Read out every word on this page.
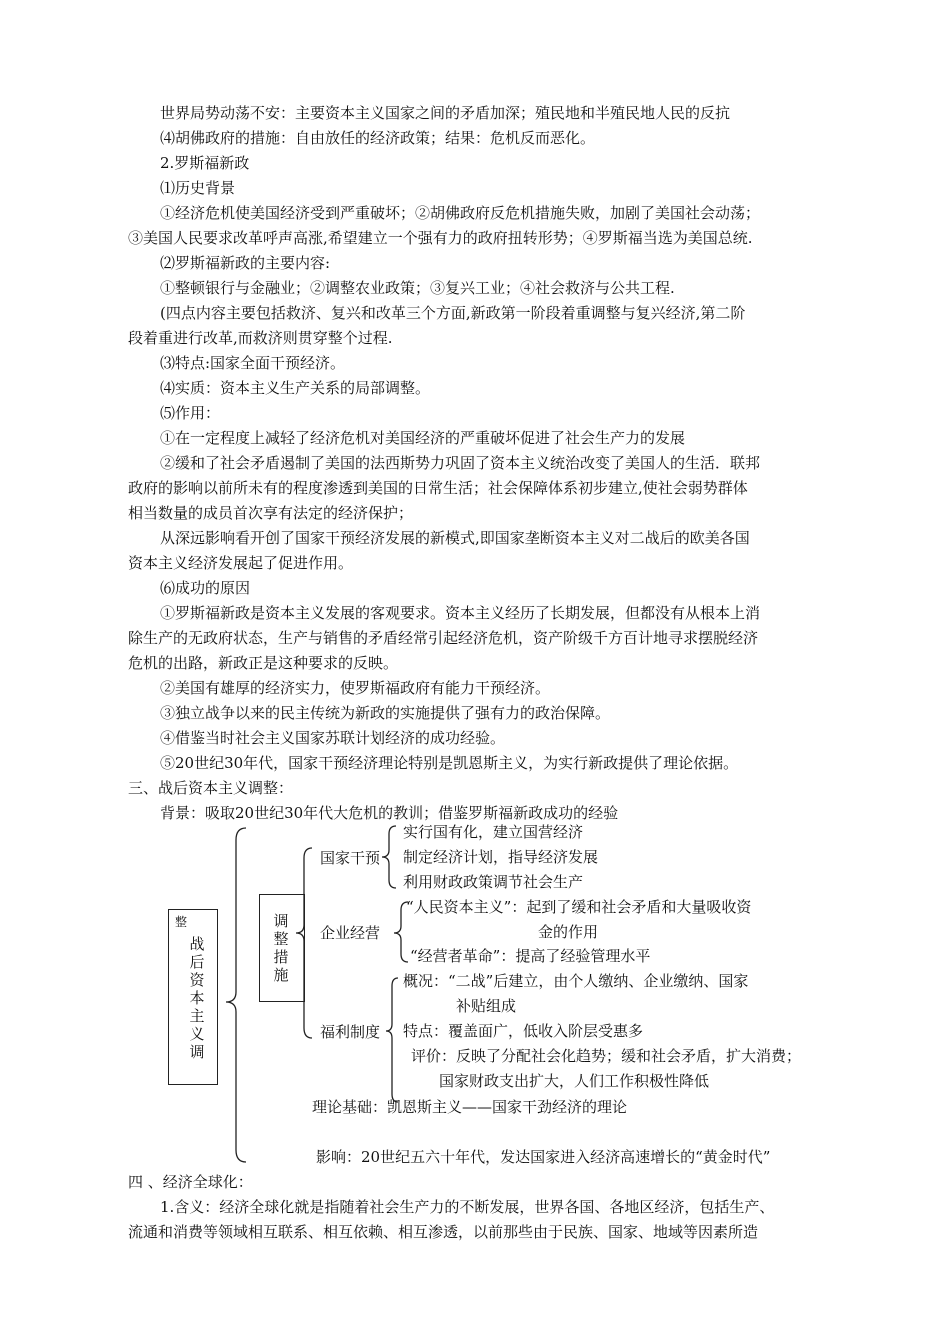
世界局势动荡不安：主要资本主义国家之间的矛盾加深；殖民地和半殖民地人民的反抗
⑷胡佛政府的措施：自由放任的经济政策；结果：危机反而恶化。
2.罗斯福新政
⑴历史背景
①经济危机使美国经济受到严重破坏；②胡佛政府反危机措施失败，加剧了美国社会动荡；
③美国人民要求改革呼声高涨,希望建立一个强有力的政府扭转形势；④罗斯福当选为美国总统.
⑵罗斯福新政的主要内容:
①整顿银行与金融业；②调整农业政策；③复兴工业；④社会救济与公共工程.
(四点内容主要包括救济、复兴和改革三个方面,新政第一阶段着重调整与复兴经济,第二阶
段着重进行改革,而救济则贯穿整个过程.
⑶特点:国家全面干预经济。
⑷实质：资本主义生产关系的局部调整。
⑸作用：
①在一定程度上减轻了经济危机对美国经济的严重破坏促进了社会生产力的发展
②缓和了社会矛盾遏制了美国的法西斯势力巩固了资本主义统治改变了美国人的生活．联邦
政府的影响以前所未有的程度渗透到美国的日常生活；社会保障体系初步建立,使社会弱势群体
相当数量的成员首次享有法定的经济保护；
从深远影响看开创了国家干预经济发展的新模式,即国家垄断资本主义对二战后的欧美各国
资本主义经济发展起了促进作用。
⑹成功的原因
①罗斯福新政是资本主义发展的客观要求。资本主义经历了长期发展，但都没有从根本上消
除生产的无政府状态，生产与销售的矛盾经常引起经济危机，资产阶级千方百计地寻求摆脱经济
危机的出路，新政正是这种要求的反映。
②美国有雄厚的经济实力，使罗斯福政府有能力干预经济。
③独立战争以来的民主传统为新政的实施提供了强有力的政治保障。
④借鉴当时社会主义国家苏联计划经济的成功经验。
⑤20世纪30年代，国家干预经济理论特别是凯恩斯主义，为实行新政提供了理论依据。
三、战后资本主义调整：
背景：吸取20世纪30年代大危机的教训；借鉴罗斯福新政成功的经验
整
战后资本主义调
调整措施
国家干预
企业经营
福利制度
实行国有化，建立国营经济
制定经济计划，指导经济发展
利用财政政策调节社会生产
“人民资本主义”：起到了缓和社会矛盾和大量吸收资
金的作用
“经营者革命”：提高了经验管理水平
概况：“二战”后建立，由个人缴纳、企业缴纳、国家
补贴组成
特点：覆盖面广，低收入阶层受惠多
评价：反映了分配社会化趋势；缓和社会矛盾，扩大消费；
国家财政支出扩大，人们工作积极性降低
理论基础：凯恩斯主义——国家干劲经济的理论
影响：20世纪五六十年代，发达国家进入经济高速增长的“黄金时代”
四 、经济全球化：
1.含义：经济全球化就是指随着社会生产力的不断发展，世界各国、各地区经济，包括生产、
流通和消费等领域相互联系、相互依赖、相互渗透，以前那些由于民族、国家、地域等因素所造
